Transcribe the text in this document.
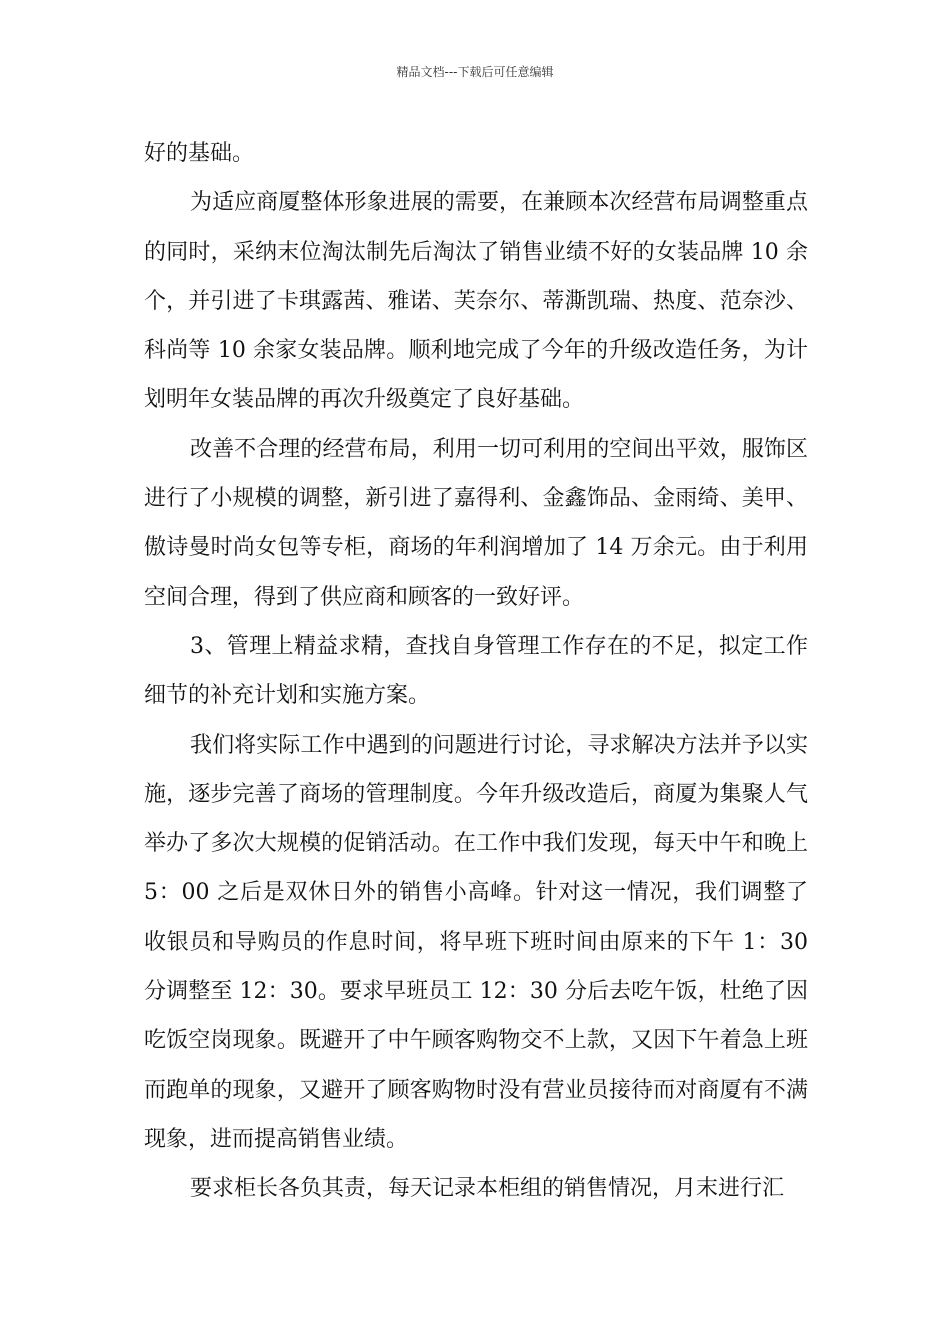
精品文档---下载后可任意编辑

好的基础。

为适应商厦整体形象进展的需要，在兼顾本次经营布局调整重点的同时，采纳末位淘汰制先后淘汰了销售业绩不好的女装品牌 10 余个，并引进了卡琪露茜、雅诺、芙奈尔、蒂澌凯瑞、热度、范奈沙、科尚等 10 余家女装品牌。顺利地完成了今年的升级改造任务，为计划明年女装品牌的再次升级奠定了良好基础。

改善不合理的经营布局，利用一切可利用的空间出平效，服饰区进行了小规模的调整，新引进了嘉得利、金鑫饰品、金雨绮、美甲、傲诗曼时尚女包等专柜，商场的年利润增加了 14 万余元。由于利用空间合理，得到了供应商和顾客的一致好评。

3、管理上精益求精，查找自身管理工作存在的不足，拟定工作细节的补充计划和实施方案。

我们将实际工作中遇到的问题进行讨论，寻求解决方法并予以实施，逐步完善了商场的管理制度。今年升级改造后，商厦为集聚人气举办了多次大规模的促销活动。在工作中我们发现，每天中午和晚上 5：00 之后是双休日外的销售小高峰。针对这一情况，我们调整了收银员和导购员的作息时间，将早班下班时间由原来的下午 1：30 分调整至 12：30。要求早班员工 12：30 分后去吃午饭，杜绝了因吃饭空岗现象。既避开了中午顾客购物交不上款，又因下午着急上班而跑单的现象，又避开了顾客购物时没有营业员接待而对商厦有不满现象，进而提高销售业绩。

要求柜长各负其责，每天记录本柜组的销售情况，月末进行汇
